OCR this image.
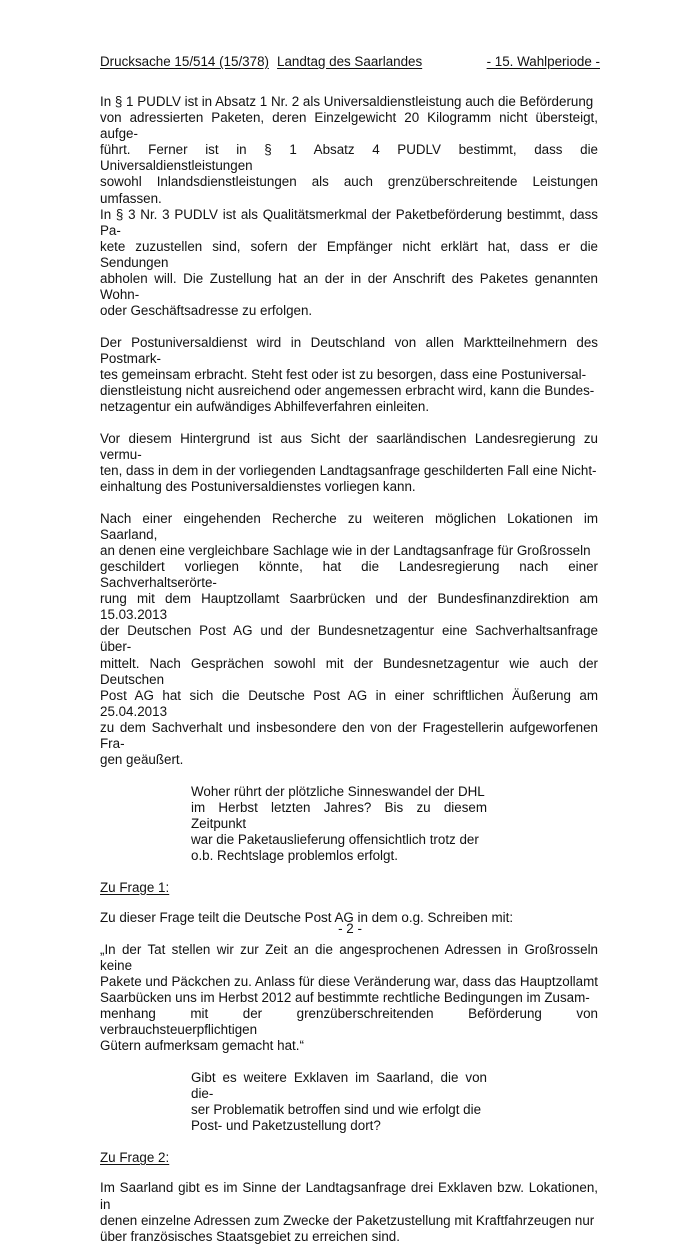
Drucksache 15/514 (15/378) Landtag des Saarlandes	- 15. Wahlperiode -

In § 1 PUDLV ist in Absatz 1 Nr. 2 als Universaldienstleistung auch die Beförderung
von adressierten Paketen, deren Einzelgewicht 20 Kilogramm nicht übersteigt, aufge-
führt. Ferner ist in § 1 Absatz 4 PUDLV bestimmt, dass die Universaldienstleistungen
sowohl Inlandsdienstleistungen als auch grenzüberschreitende Leistungen umfassen.
In § 3 Nr. 3 PUDLV ist als Qualitätsmerkmal der Paketbeförderung bestimmt, dass Pa-
kete zuzustellen sind, sofern der Empfänger nicht erklärt hat, dass er die Sendungen
abholen will. Die Zustellung hat an der in der Anschrift des Paketes genannten Wohn-
oder Geschäftsadresse zu erfolgen.

Der Postuniversaldienst wird in Deutschland von allen Marktteilnehmern des Postmark-
tes gemeinsam erbracht. Steht fest oder ist zu besorgen, dass eine Postuniversal-
dienstleistung nicht ausreichend oder angemessen erbracht wird, kann die Bundes-
netzagentur ein aufwändiges Abhilfeverfahren einleiten.

Vor diesem Hintergrund ist aus Sicht der saarländischen Landesregierung zu vermu-
ten, dass in dem in der vorliegenden Landtagsanfrage geschilderten Fall eine Nicht-
einhaltung des Postuniversaldienstes vorliegen kann.

Nach einer eingehenden Recherche zu weiteren möglichen Lokationen im Saarland,
an denen eine vergleichbare Sachlage wie in der Landtagsanfrage für Großrosseln
geschildert vorliegen könnte, hat die Landesregierung nach einer Sachverhaltserörte-
rung mit dem Hauptzollamt Saarbrücken und der Bundesfinanzdirektion am 15.03.2013
der Deutschen Post AG und der Bundesnetzagentur eine Sachverhaltsanfrage über-
mittelt. Nach Gesprächen sowohl mit der Bundesnetzagentur wie auch der Deutschen
Post AG hat sich die Deutsche Post AG in einer schriftlichen Äußerung am 25.04.2013
zu dem Sachverhalt und insbesondere den von der Fragestellerin aufgeworfenen Fra-
gen geäußert.

Woher rührt der plötzliche Sinneswandel der DHL
im Herbst letzten Jahres? Bis zu diesem Zeitpunkt
war die Paketauslieferung offensichtlich trotz der
o.b. Rechtslage problemlos erfolgt.

Zu Frage 1:

Zu dieser Frage teilt die Deutsche Post AG in dem o.g. Schreiben mit:

„In der Tat stellen wir zur Zeit an die angesprochenen Adressen in Großrosseln keine
Pakete und Päckchen zu. Anlass für diese Veränderung war, dass das Hauptzollamt
Saarbücken uns im Herbst 2012 auf bestimmte rechtliche Bedingungen im Zusam-
menhang mit der grenzüberschreitenden Beförderung von verbrauchsteuerpflichtigen
Gütern aufmerksam gemacht hat.“

Gibt es weitere Exklaven im Saarland, die von die-
ser Problematik betroffen sind und wie erfolgt die
Post- und Paketzustellung dort?

Zu Frage 2:

Im Saarland gibt es im Sinne der Landtagsanfrage drei Exklaven bzw. Lokationen, in
denen einzelne Adressen zum Zwecke der Paketzustellung mit Kraftfahrzeugen nur
über französisches Staatsgebiet zu erreichen sind.

- 2 -
